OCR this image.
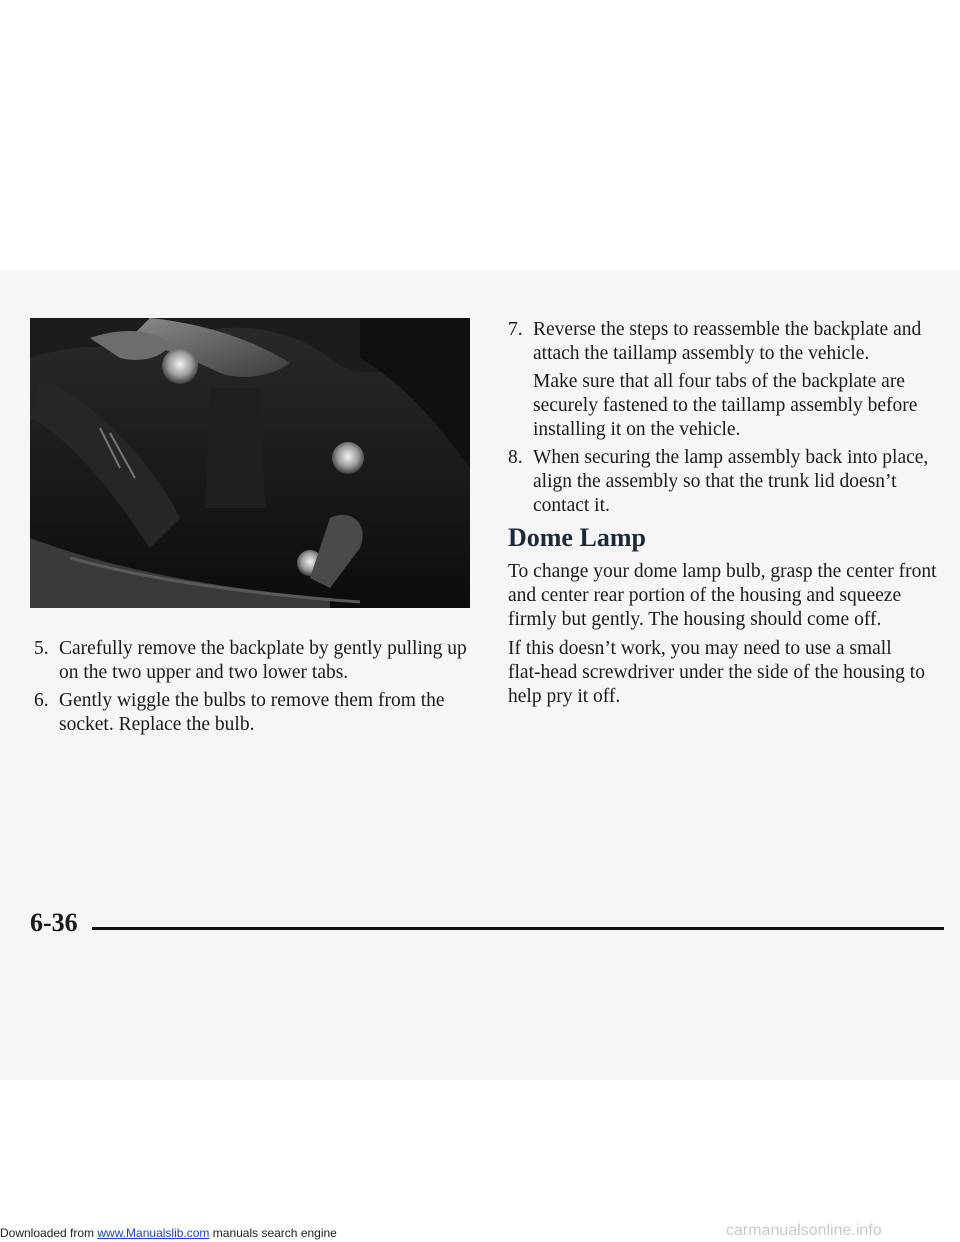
5. Carefully remove the backplate by gently pulling up
on the two upper and two lower tabs.
6. Gently wiggle the bulbs to remove them from the
socket. Replace the bulb.
7. Reverse the steps to reassemble the backplate and
attach the taillamp assembly to the vehicle.
Make sure that all four tabs of the backplate are
securely fastened to the taillamp assembly before
installing it on the vehicle.
8. When securing the lamp assembly back into place,
align the assembly so that the trunk lid doesn’t
contact it.
Dome Lamp
To change your dome lamp bulb, grasp the center front
and center rear portion of the housing and squeeze
firmly but gently. The housing should come off.
If this doesn’t work, you may need to use a small
flat-head screwdriver under the side of the housing to
help pry it off.
6-36
Downloaded from www.Manualslib.com manuals search engine	carmanualsonline.info
